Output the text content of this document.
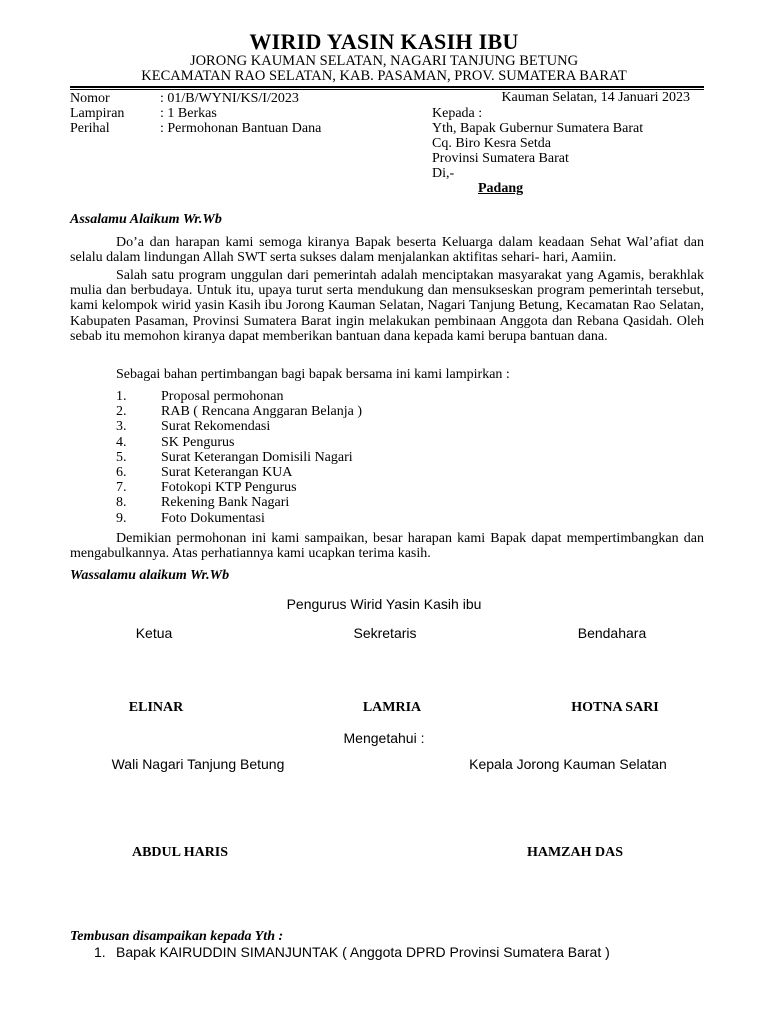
WIRID YASIN KASIH IBU
JORONG KAUMAN SELATAN, NAGARI TANJUNG BETUNG
KECAMATAN RAO SELATAN, KAB. PASAMAN, PROV. SUMATERA BARAT
Nomor	: 01/B/WYNI/KS/I/2023
Lampiran	: 1 Berkas
Perihal	: Permohonan Bantuan Dana
Kauman Selatan, 14 Januari 2023
Kepada :
Yth, Bapak Gubernur Sumatera Barat
Cq. Biro Kesra Setda
Provinsi Sumatera Barat
Di,-
Padang
Assalamu Alaikum Wr.Wb

Do’a dan harapan kami semoga kiranya Bapak beserta Keluarga dalam keadaan Sehat Wal’afiat dan selalu dalam lindungan Allah SWT serta sukses dalam menjalankan aktifitas sehari- hari, Aamiin.

Salah satu program unggulan dari pemerintah adalah menciptakan masyarakat yang Agamis, berakhlak mulia dan berbudaya. Untuk itu, upaya turut serta mendukung dan mensukseskan program pemerintah tersebut, kami kelompok wirid yasin Kasih ibu Jorong Kauman Selatan, Nagari Tanjung Betung, Kecamatan Rao Selatan, Kabupaten Pasaman, Provinsi Sumatera Barat ingin melakukan pembinaan Anggota dan Rebana Qasidah. Oleh sebab itu memohon kiranya dapat memberikan bantuan dana kepada kami berupa bantuan dana.

Sebagai bahan pertimbangan bagi bapak bersama ini kami lampirkan :

1.	Proposal permohonan
2.	RAB ( Rencana Anggaran Belanja )
3.	Surat Rekomendasi
4.	SK Pengurus
5.	Surat Keterangan Domisili Nagari
6.	Surat Keterangan KUA
7.	Fotokopi KTP Pengurus
8.	Rekening Bank Nagari
9.	Foto Dokumentasi

Demikian permohonan ini kami sampaikan, besar harapan kami Bapak dapat mempertimbangkan dan mengabulkannya. Atas perhatiannya kami ucapkan terima kasih.

Wassalamu alaikum Wr.Wb
Pengurus Wirid Yasin Kasih ibu
Ketua	Sekretaris	Bendahara
ELINAR	LAMRIA	HOTNA SARI
Mengetahui :
Wali Nagari Tanjung Betung	Kepala Jorong Kauman Selatan
ABDUL HARIS	HAMZAH DAS
Tembusan disampaikan kepada Yth :
1. Bapak KAIRUDDIN SIMANJUNTAK ( Anggota DPRD Provinsi Sumatera Barat )
